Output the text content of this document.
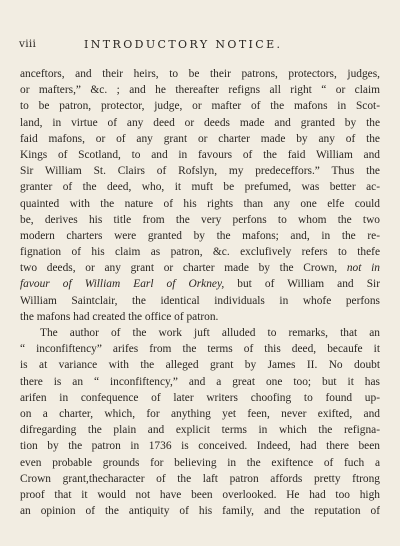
viii	INTRODUCTORY NOTICE.
anceftors, and their heirs, to be their patrons, protectors, judges,
or mafters,” &c. ; and he thereafter refigns all right “ or claim
to be patron, protector, judge, or mafter of the mafons in Scot-
land, in virtue of any deed or deeds made and granted by the
faid mafons, or of any grant or charter made by any of the
Kings of Scotland, to and in favours of the faid William and
Sir William St. Clairs of Rofslyn, my predeceffors.” Thus the
granter of the deed, who, it muft be prefumed, was better ac-
quainted with the nature of his rights than any one elfe could
be, derives his title from the very perfons to whom the two
modern charters were granted by the mafons; and, in the re-
fignation of his claim as patron, &c. exclufively refers to thefe
two deeds, or any grant or charter made by the Crown, not in
favour of William Earl of Orkney, but of William and Sir
William Saintclair, the identical individuals in whofe perfons
the mafons had created the office of patron.
The author of the work juft alluded to remarks, that an
“ inconfiftency” arifes from the terms of this deed, becaufe it
is at variance with the alleged grant by James II. No doubt
there is an “ inconfiftency,” and a great one too; but it has
arifen in confequence of later writers choofing to found up-
on a charter, which, for anything yet feen, never exifted, and
difregarding the plain and explicit terms in which the refigna-
tion by the patron in 1736 is conceived. Indeed, had there been
even probable grounds for believing in the exiftence of fuch a
Crown grant,thecharacter of the laft patron affords pretty ftrong
proof that it would not have been overlooked. He had too high
an opinion of the antiquity of his family, and the reputation of
